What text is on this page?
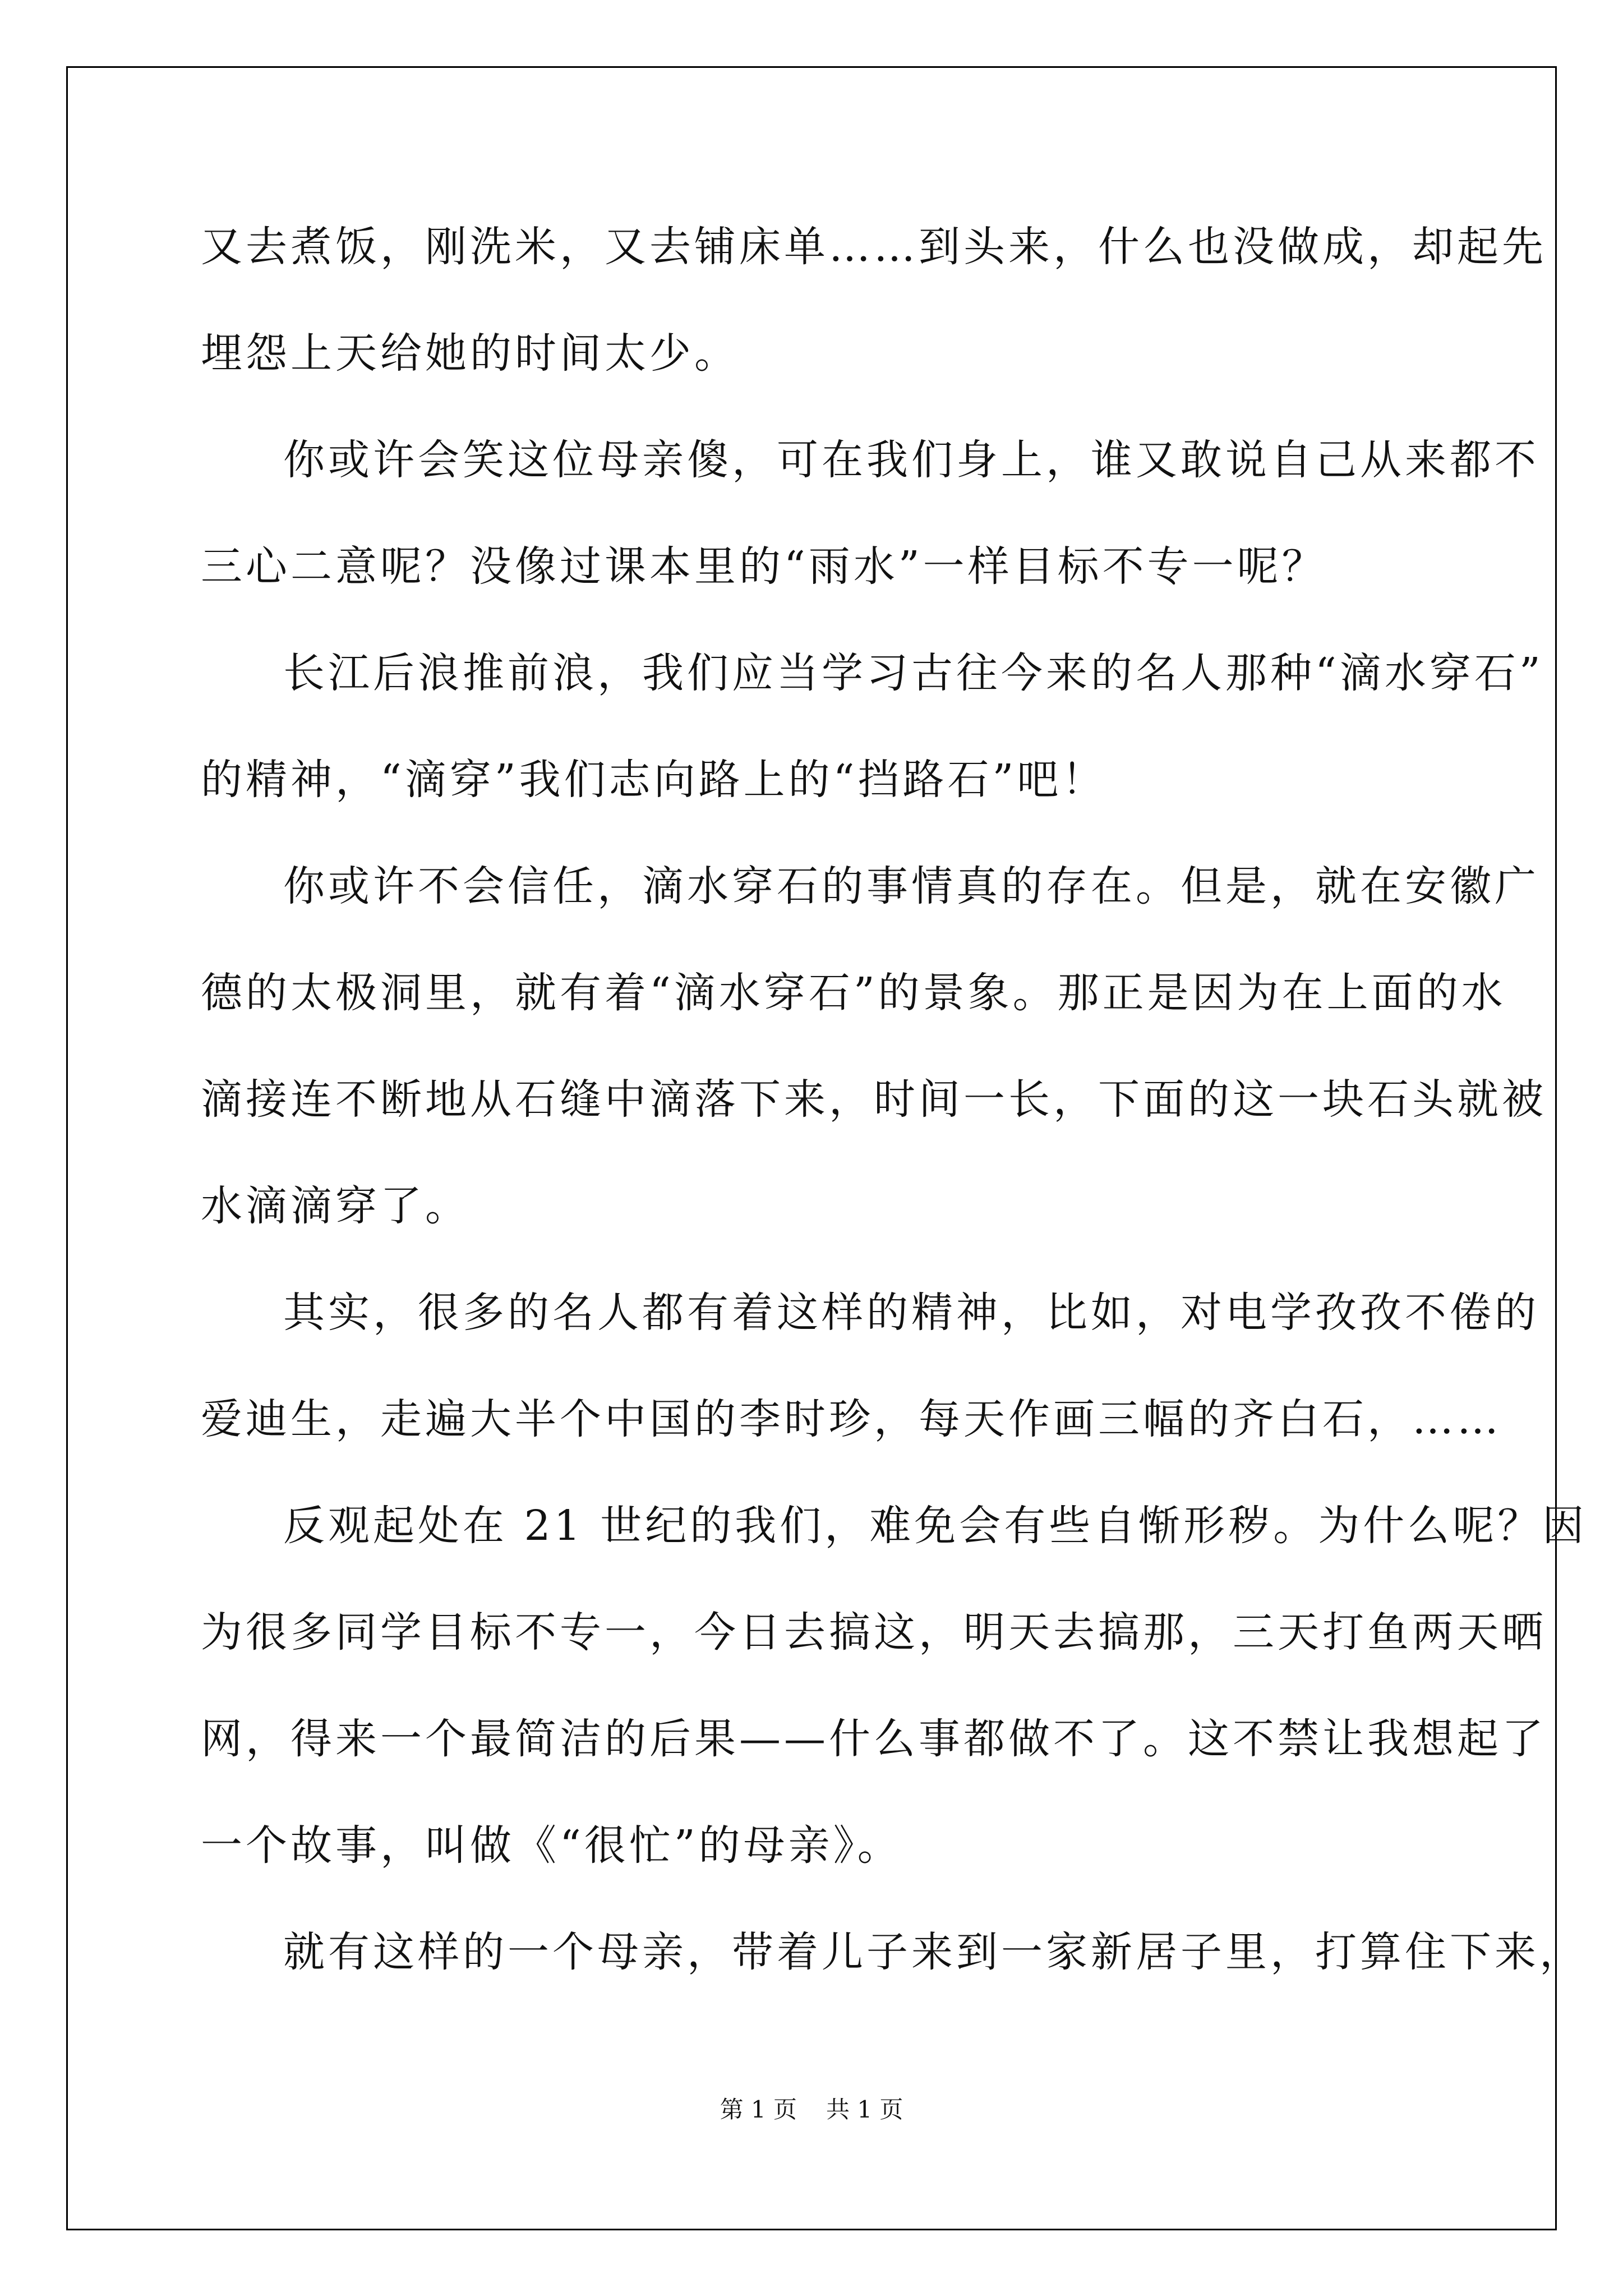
又去煮饭，刚洗米，又去铺床单……到头来，什么也没做成，却起先
埋怨上天给她的时间太少。
你或许会笑这位母亲傻，可在我们身上，谁又敢说自己从来都不
三心二意呢？没像过课本里的“雨水”一样目标不专一呢？
长江后浪推前浪，我们应当学习古往今来的名人那种“滴水穿石”
的精神，“滴穿”我们志向路上的“挡路石”吧！
你或许不会信任，滴水穿石的事情真的存在。但是，就在安徽广
德的太极洞里，就有着“滴水穿石”的景象。那正是因为在上面的水
滴接连不断地从石缝中滴落下来，时间一长，下面的这一块石头就被
水滴滴穿了。
其实，很多的名人都有着这样的精神，比如，对电学孜孜不倦的
爱迪生，走遍大半个中国的李时珍，每天作画三幅的齐白石，……
反观起处在 21 世纪的我们，难免会有些自惭形秽。为什么呢？因
为很多同学目标不专一，今日去搞这，明天去搞那，三天打鱼两天晒
网，得来一个最简洁的后果——什么事都做不了。这不禁让我想起了
一个故事，叫做《“很忙”的母亲》。
就有这样的一个母亲，带着儿子来到一家新居子里，打算住下来，
第 1 页 共 1 页
